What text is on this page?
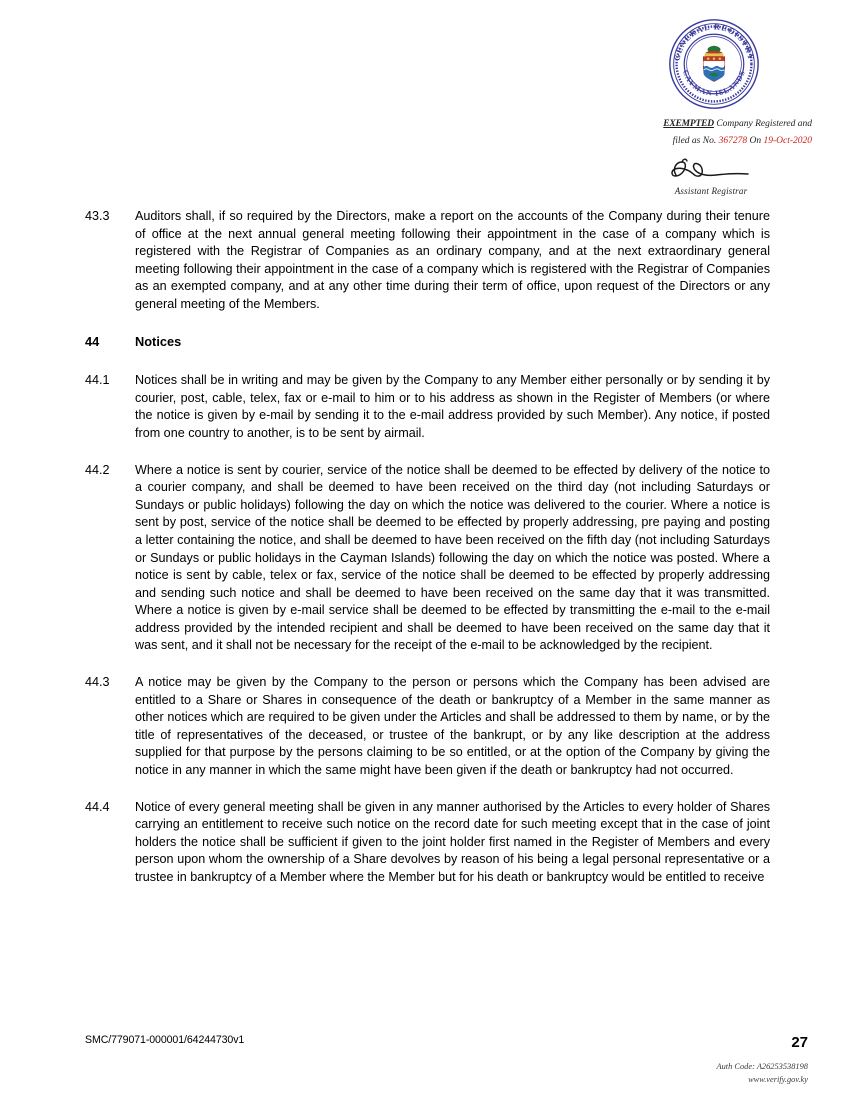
GENERAL REGISTRY
CAYMAN ISLANDS
EXEMPTED Company Registered and
filed as No. 367278 On 19-Oct-2020
Assistant Registrar
43.3	Auditors shall, if so required by the Directors, make a report on the accounts of the Company during their tenure of office at the next annual general meeting following their appointment in the case of a company which is registered with the Registrar of Companies as an ordinary company, and at the next extraordinary general meeting following their appointment in the case of a company which is registered with the Registrar of Companies as an exempted company, and at any other time during their term of office, upon request of the Directors or any general meeting of the Members.
44	Notices
44.1	Notices shall be in writing and may be given by the Company to any Member either personally or by sending it by courier, post, cable, telex, fax or e-mail to him or to his address as shown in the Register of Members (or where the notice is given by e-mail by sending it to the e-mail address provided by such Member). Any notice, if posted from one country to another, is to be sent by airmail.
44.2	Where a notice is sent by courier, service of the notice shall be deemed to be effected by delivery of the notice to a courier company, and shall be deemed to have been received on the third day (not including Saturdays or Sundays or public holidays) following the day on which the notice was delivered to the courier. Where a notice is sent by post, service of the notice shall be deemed to be effected by properly addressing, pre paying and posting a letter containing the notice, and shall be deemed to have been received on the fifth day (not including Saturdays or Sundays or public holidays in the Cayman Islands) following the day on which the notice was posted. Where a notice is sent by cable, telex or fax, service of the notice shall be deemed to be effected by properly addressing and sending such notice and shall be deemed to have been received on the same day that it was transmitted. Where a notice is given by e-mail service shall be deemed to be effected by transmitting the e-mail to the e-mail address provided by the intended recipient and shall be deemed to have been received on the same day that it was sent, and it shall not be necessary for the receipt of the e-mail to be acknowledged by the recipient.
44.3	A notice may be given by the Company to the person or persons which the Company has been advised are entitled to a Share or Shares in consequence of the death or bankruptcy of a Member in the same manner as other notices which are required to be given under the Articles and shall be addressed to them by name, or by the title of representatives of the deceased, or trustee of the bankrupt, or by any like description at the address supplied for that purpose by the persons claiming to be so entitled, or at the option of the Company by giving the notice in any manner in which the same might have been given if the death or bankruptcy had not occurred.
44.4	Notice of every general meeting shall be given in any manner authorised by the Articles to every holder of Shares carrying an entitlement to receive such notice on the record date for such meeting except that in the case of joint holders the notice shall be sufficient if given to the joint holder first named in the Register of Members and every person upon whom the ownership of a Share devolves by reason of his being a legal personal representative or a trustee in bankruptcy of a Member where the Member but for his death or bankruptcy would be entitled to receive
SMC/779071-000001/64244730v1	27
Auth Code: A26253538198
www.verify.gov.ky
